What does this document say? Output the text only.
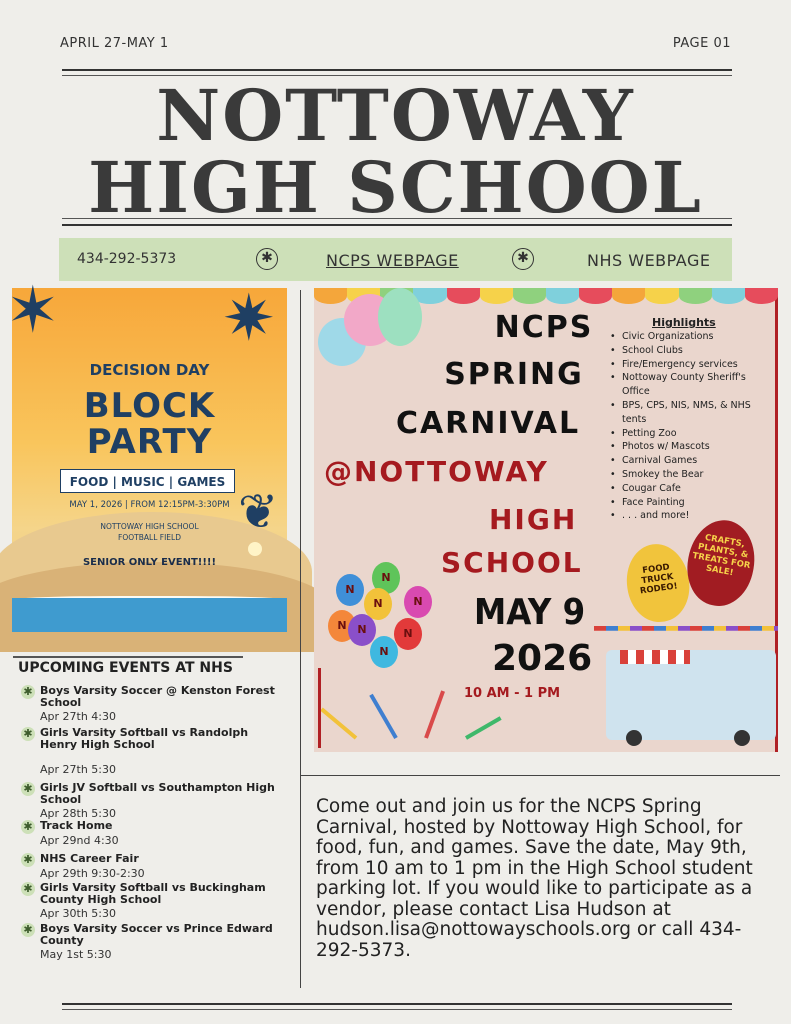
APRIL 27-MAY 1	PAGE 01
NOTTOWAY
HIGH SCHOOL
434-292-5373	✱	NCPS WEBPAGE	✱	NHS WEBPAGE
✶	✷
❦
DECISION DAY
BLOCK
PARTY
FOOD | MUSIC | GAMES
MAY 1, 2026 | FROM 12:15PM-3:30PM
NOTTOWAY HIGH SCHOOL
FOOTBALL FIELD
SENIOR ONLY EVENT!!!!
UPCOMING EVENTS AT NHS
✱ Boys Varsity Soccer @ Kenston Forest School
Apr 27th 4:30
✱ Girls Varsity Softball vs Randolph Henry High School
Apr 27th 5:30
✱ Girls JV Softball vs Southampton High School
Apr 28th 5:30
✱ Track Home
Apr 29nd 4:30
✱ NHS Career Fair
Apr 29th 9:30-2:30
✱ Girls Varsity Softball vs Buckingham County High School
Apr 30th 5:30
✱ Boys Varsity Soccer vs Prince Edward County
May 1st 5:30
NCPS
SPRING
CARNIVAL
@NOTTOWAY
HIGH
SCHOOL
MAY 9
2026
10 AM - 1 PM
Highlights
• Civic Organizations
• School Clubs
• Fire/Emergency services
• Nottoway County Sheriff's Office
• BPS, CPS, NIS, NMS, & NHS tents
• Petting Zoo
• Photos w/ Mascots
• Carnival Games
• Smokey the Bear
• Cougar Cafe
• Face Painting
• . . . and more!
FOOD TRUCK RODEO!
CRAFTS, PLANTS, & TREATS FOR SALE!
N
N
N
N
N N	N
N
Come out and join us for the NCPS Spring Carnival, hosted by Nottoway High School, for food, fun, and games. Save the date, May 9th, from 10 am to 1 pm in the High School student parking lot. If you would like to participate as a vendor, please contact Lisa Hudson at hudson.lisa@nottowayschools.org or call 434-292-5373.
